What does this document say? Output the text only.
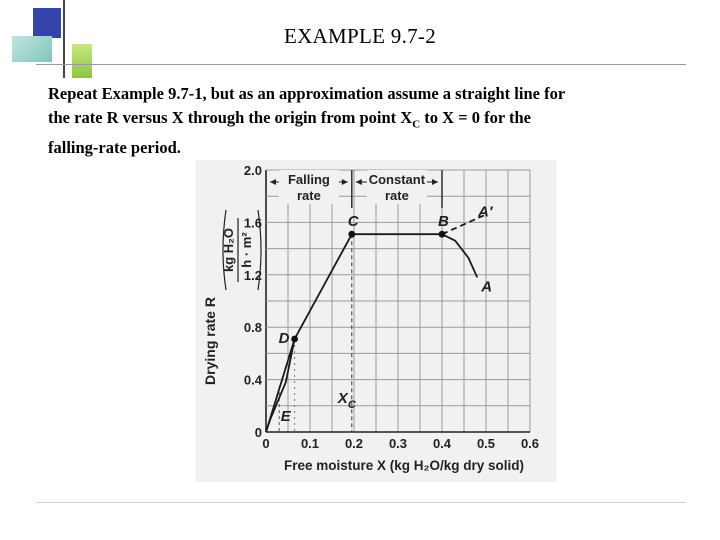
EXAMPLE 9.7-2
Repeat Example 9.7-1, but as an approximation assume a straight line for
the rate R versus X through the origin from point $X_C$ to X = 0 for the
falling-rate period.
Falling
rate
Constant
rate
C	B
D
E
A
A′
0 0.1 0.2 0.3 0.4 0.5 0.6
0
0.4
0.8
1.2
1.6
2.0
$X_C$
Free moisture X (kg H₂O/kg dry solid)
Drying rate R
kg H₂O h · m²
